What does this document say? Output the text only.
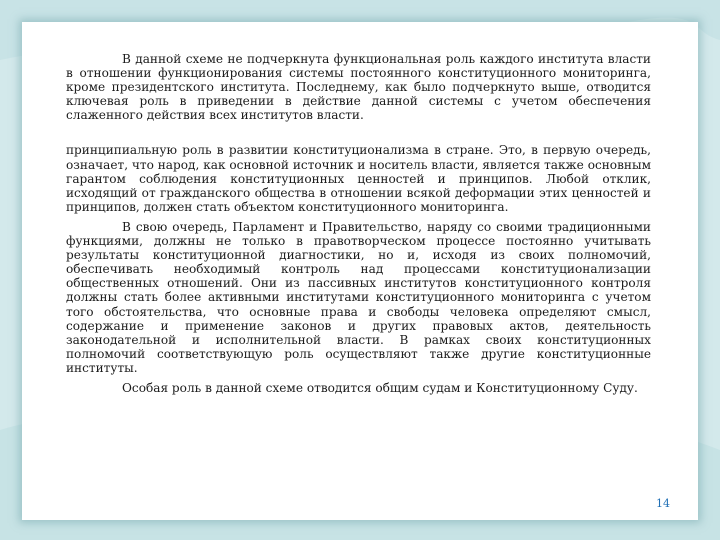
В данной схеме не подчеркнута функциональная роль каждого института власти в отношении функционирования системы постоянного конституционного мониторинга, кроме президентского института. Последнему, как было подчеркнуто выше, отводится ключевая роль в приведении в действие данной системы с учетом обеспечения слаженного действия всех институтов власти.

принципиальную роль в развитии конституционализма в стране. Это, в первую очередь, означает, что народ, как основной источник и носитель власти, является также основным гарантом соблюдения конституционных ценностей и принципов. Любой отклик, исходящий от гражданского общества в отношении всякой деформации этих ценностей и принципов, должен стать объектом конституционного мониторинга.

В свою очередь, Парламент и Правительство, наряду со своими традиционными функциями, должны не только в правотворческом процессе постоянно учитывать результаты конституционной диагностики, но и, исходя из своих полномочий, обеспечивать необходимый контроль над процессами конституционализации общественных отношений. Они из пассивных институтов конституционного контроля должны стать более активными институтами конституционного мониторинга с учетом того обстоятельства, что основные права и свободы человека определяют смысл, содержание и применение законов и других правовых актов, деятельность законодательной и исполнительной власти. В рамках своих конституционных полномочий соответствующую роль осуществляют также другие конституционные институты.

Особая роль в данной схеме отводится общим судам и Конституционному Суду.

14
